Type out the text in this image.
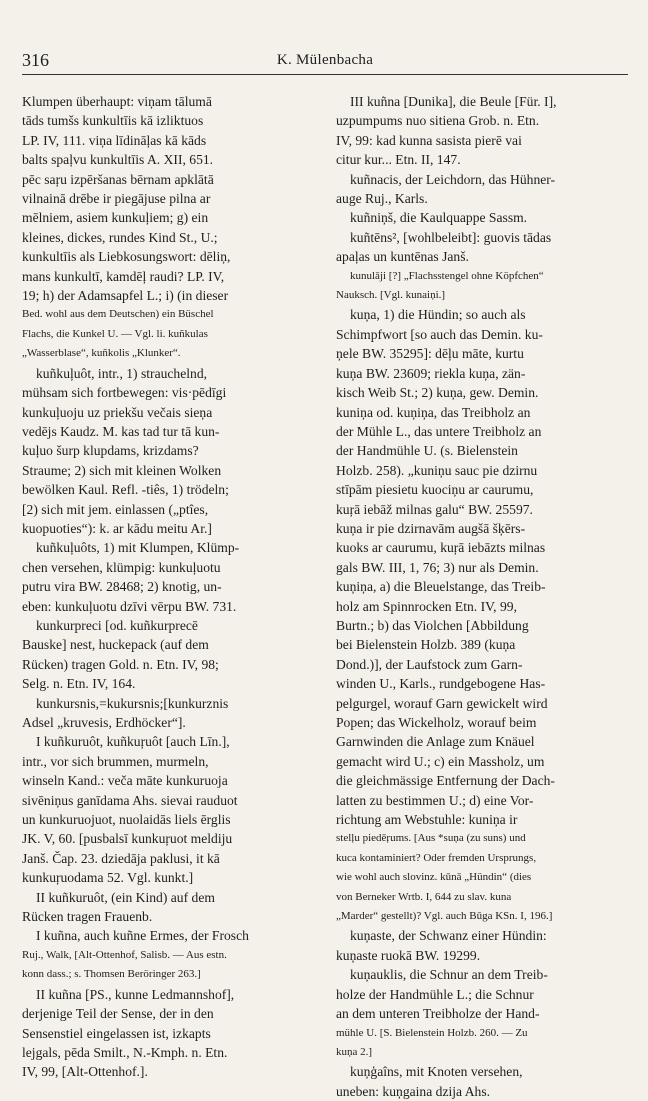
316	K. Mülenbacha

Klumpen überhaupt: viņam tālumā

tāds tumšs kunkultīis kā izliktuos

LP. IV, 111. viņa līdināļas kā kāds

balts spaļvu kunkultīis A. XII, 651.

pēc saŗu izpēršanas bērnam apklātā

vilnainā drēbe ir piegājuse pilna ar

mēlniem, asiem kunkuļiem; g) ein

kleines, dickes, rundes Kind St., U.;

kunkultīis als Liebkosungswort: dēliņ,

mans kunkultī, kamdēļ raudi? LP. IV,

19; h) der Adamsapfel L.; i) (in dieser

Bed. wohl aus dem Deutschen) ein Büschel

Flachs, die Kunkel U. — Vgl. li. kuñkulas

„Wasserblase“, kuñkolis „Klunker“.

kuñkuļuôt, intr., 1) strauchelnd,

mühsam sich fortbewegen: vis·pēdīgi

kunkuļuoju uz priekšu večais sieņa

vedējs Kaudz. M. kas tad tur tā kun-

kuļuo šurp klupdams, krizdams?

Straume; 2) sich mit kleinen Wolken

bewölken Kaul. Refl. -tiês, 1) trödeln;

[2) sich mit jem. einlassen („ptîes,

kuopuoties“): k. ar kādu meitu Ar.]

kuñkuļuôts, 1) mit Klumpen, Klümp-

chen versehen, klümpig: kunkuļuotu

putru vira BW. 28468; 2) knotig, un-

eben: kunkuļuotu dzīvi vērpu BW. 731.

kunkurpreci [od. kuñkurprecē

Bauske] nest, huckepack (auf dem

Rücken) tragen Gold. n. Etn. IV, 98;

Selg. n. Etn. IV, 164.

kunkursnis,=kukursnis;[kunkurznis

Adsel „kruvesis, Erdhöcker“].

I kuñkuruôt, kuñkuŗuôt [auch Līn.],

intr., vor sich brummen, murmeln,

winseln Kand.: veča māte kunkuruoja

sivēniņus ganīdama Ahs. sievai rauduot

un kunkuruojuot, nuolaidās liels ērglis

JK. V, 60. [pusbalsī kunkuŗuot meldiju

Janš. Čap. 23. dziedāja paklusi, it kā

kunkuŗuodama 52. Vgl. kunkt.]

II kuñkuruôt, (ein Kind) auf dem

Rücken tragen Frauenb.

I kuñna, auch kuñne Ermes, der Frosch

Ruj., Walk, [Alt-Ottenhof, Salisb. — Aus estn.

konn dass.; s. Thomsen Beröringer 263.]

II kuñna [PS., kunne Ledmannshof],

derjenige Teil der Sense, der in den

Sensenstiel eingelassen ist, izkapts

lejgals, pēda Smilt., N.-Kmph. n. Etn.

IV, 99, [Alt-Ottenhof.].

III kuñna [Dunika], die Beule [Für. I],

uzpumpums nuo sitiena Grob. n. Etn.

IV, 99: kad kunna sasista pierē vai

citur kur... Etn. II, 147.

kuñnacis, der Leichdorn, das Hühner-

auge Ruj., Karls.

kuñniņš, die Kaulquappe Sassm.

kuñtēns², [wohlbeleibt]: guovis tādas

apaļas un kuntēnas Janš.

kunulāji [?] „Flachsstengel ohne Köpfchen“

Nauksch. [Vgl. kunaiņi.]

kuņa, 1) die Hündin; so auch als

Schimpfwort [so auch das Demin. ku-

ņele BW. 35295]: dēļu māte, kurtu

kuņa BW. 23609; riekla kuņa, zän-

kisch Weib St.; 2) kuņa, gew. Demin.

kuniņa od. kuņiņa, das Treibholz an

der Mühle L., das untere Treibholz an

der Handmühle U. (s. Bielenstein

Holzb. 258). „kuniņu sauc pie dzirnu

stīpām piesietu kuociņu ar caurumu,

kuŗā iebāž milnas galu“ BW. 25597.

kuņa ir pie dzirnavām augšā šķērs-

kuoks ar caurumu, kuŗā iebāzts milnas

gals BW. III, 1, 76; 3) nur als Demin.

kuņiņa, a) die Bleuelstange, das Treib-

holz am Spinnrocken Etn. IV, 99,

Burtn.; b) das Violchen [Abbildung

bei Bielenstein Holzb. 389 (kuņa

Dond.)], der Laufstock zum Garn-

winden U., Karls., rundgebogene Has-

pelgurgel, worauf Garn gewickelt wird

Popen; das Wickelholz, worauf beim

Garnwinden die Anlage zum Knäuel

gemacht wird U.; c) ein Massholz, um

die gleichmässige Entfernung der Dach-

latten zu bestimmen U.; d) eine Vor-

richtung am Webstuhle: kuniņa ir

stelļu piedēŗums. [Aus *suņa (zu suns) und

kuca kontaminiert? Oder fremden Ursprungs,

wie wohl auch slovinz. kūnā „Hündin“ (dies

von Berneker Wrtb. I, 644 zu slav. kuna

„Marder“ gestellt)? Vgl. auch Būga KSn. I, 196.]

kuņaste, der Schwanz einer Hündin:

kuņaste ruokā BW. 19299.

kuņauklis, die Schnur an dem Treib-

holze der Handmühle L.; die Schnur

an dem unteren Treibholze der Hand-

mühle U. [S. Bielenstein Holzb. 260. — Zu

kuņa 2.]

kuņģaîns, mit Knoten versehen,

uneben: kuņgaina dzija Ahs.
